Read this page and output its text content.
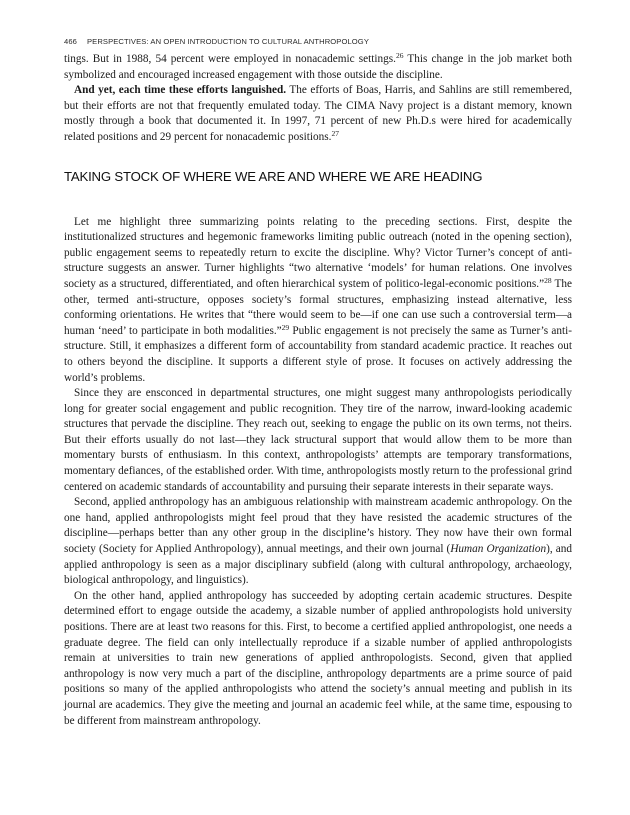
466 PERSPECTIVES: AN OPEN INTRODUCTION TO CULTURAL ANTHROPOLOGY

tings. But in 1988, 54 percent were employed in nonacademic settings.$^{26}$ This change in the job market both symbolized and encouraged increased engagement with those outside the discipline.

And yet, each time these efforts languished. The efforts of Boas, Harris, and Sahlins are still remembered, but their efforts are not that frequently emulated today. The CIMA Navy project is a distant memory, known mostly through a book that documented it. In 1997, 71 percent of new Ph.D.s were hired for academically related positions and 29 percent for nonacademic positions.$^{27}$

TAKING STOCK OF WHERE WE ARE AND WHERE WE ARE HEADING

Let me highlight three summarizing points relating to the preceding sections. First, despite the institutionalized structures and hegemonic frameworks limiting public outreach (noted in the opening section), public engagement seems to repeatedly return to excite the discipline. Why? Victor Turner’s concept of anti-structure suggests an answer. Turner highlights “two alternative ‘models’ for human relations. One involves society as a structured, differentiated, and often hierarchical system of politico-legal-economic positions.”$^{28}$ The other, termed anti-structure, opposes society’s formal structures, emphasizing instead alternative, less conforming orientations. He writes that “there would seem to be—if one can use such a controversial term—a human ‘need’ to participate in both modalities.”$^{29}$ Public engagement is not precisely the same as Turner’s anti-structure. Still, it emphasizes a different form of accountability from standard academic practice. It reaches out to others beyond the discipline. It supports a different style of prose. It focuses on actively addressing the world’s problems.

Since they are ensconced in departmental structures, one might suggest many anthropologists periodically long for greater social engagement and public recognition. They tire of the narrow, inward-looking academic structures that pervade the discipline. They reach out, seeking to engage the public on its own terms, not theirs. But their efforts usually do not last—they lack structural support that would allow them to be more than momentary bursts of enthusiasm. In this context, anthropologists’ attempts are temporary transformations, momentary defiances, of the established order. With time, anthropologists mostly return to the professional grind centered on academic standards of accountability and pursuing their separate interests in their separate ways.

Second, applied anthropology has an ambiguous relationship with mainstream academic anthropology. On the one hand, applied anthropologists might feel proud that they have resisted the academic structures of the discipline—perhaps better than any other group in the discipline’s history. They now have their own formal society (Society for Applied Anthropology), annual meetings, and their own journal (Human Organization), and applied anthropology is seen as a major disciplinary subfield (along with cultural anthropology, archaeology, biological anthropology, and linguistics).

On the other hand, applied anthropology has succeeded by adopting certain academic structures. Despite determined effort to engage outside the academy, a sizable number of applied anthropologists hold university positions. There are at least two reasons for this. First, to become a certified applied anthropologist, one needs a graduate degree. The field can only intellectually reproduce if a sizable number of applied anthropologists remain at universities to train new generations of applied anthropologists. Second, given that applied anthropology is now very much a part of the discipline, anthropology departments are a prime source of paid positions so many of the applied anthropologists who attend the society’s annual meeting and publish in its journal are academics. They give the meeting and journal an academic feel while, at the same time, espousing to be different from mainstream anthropology.
